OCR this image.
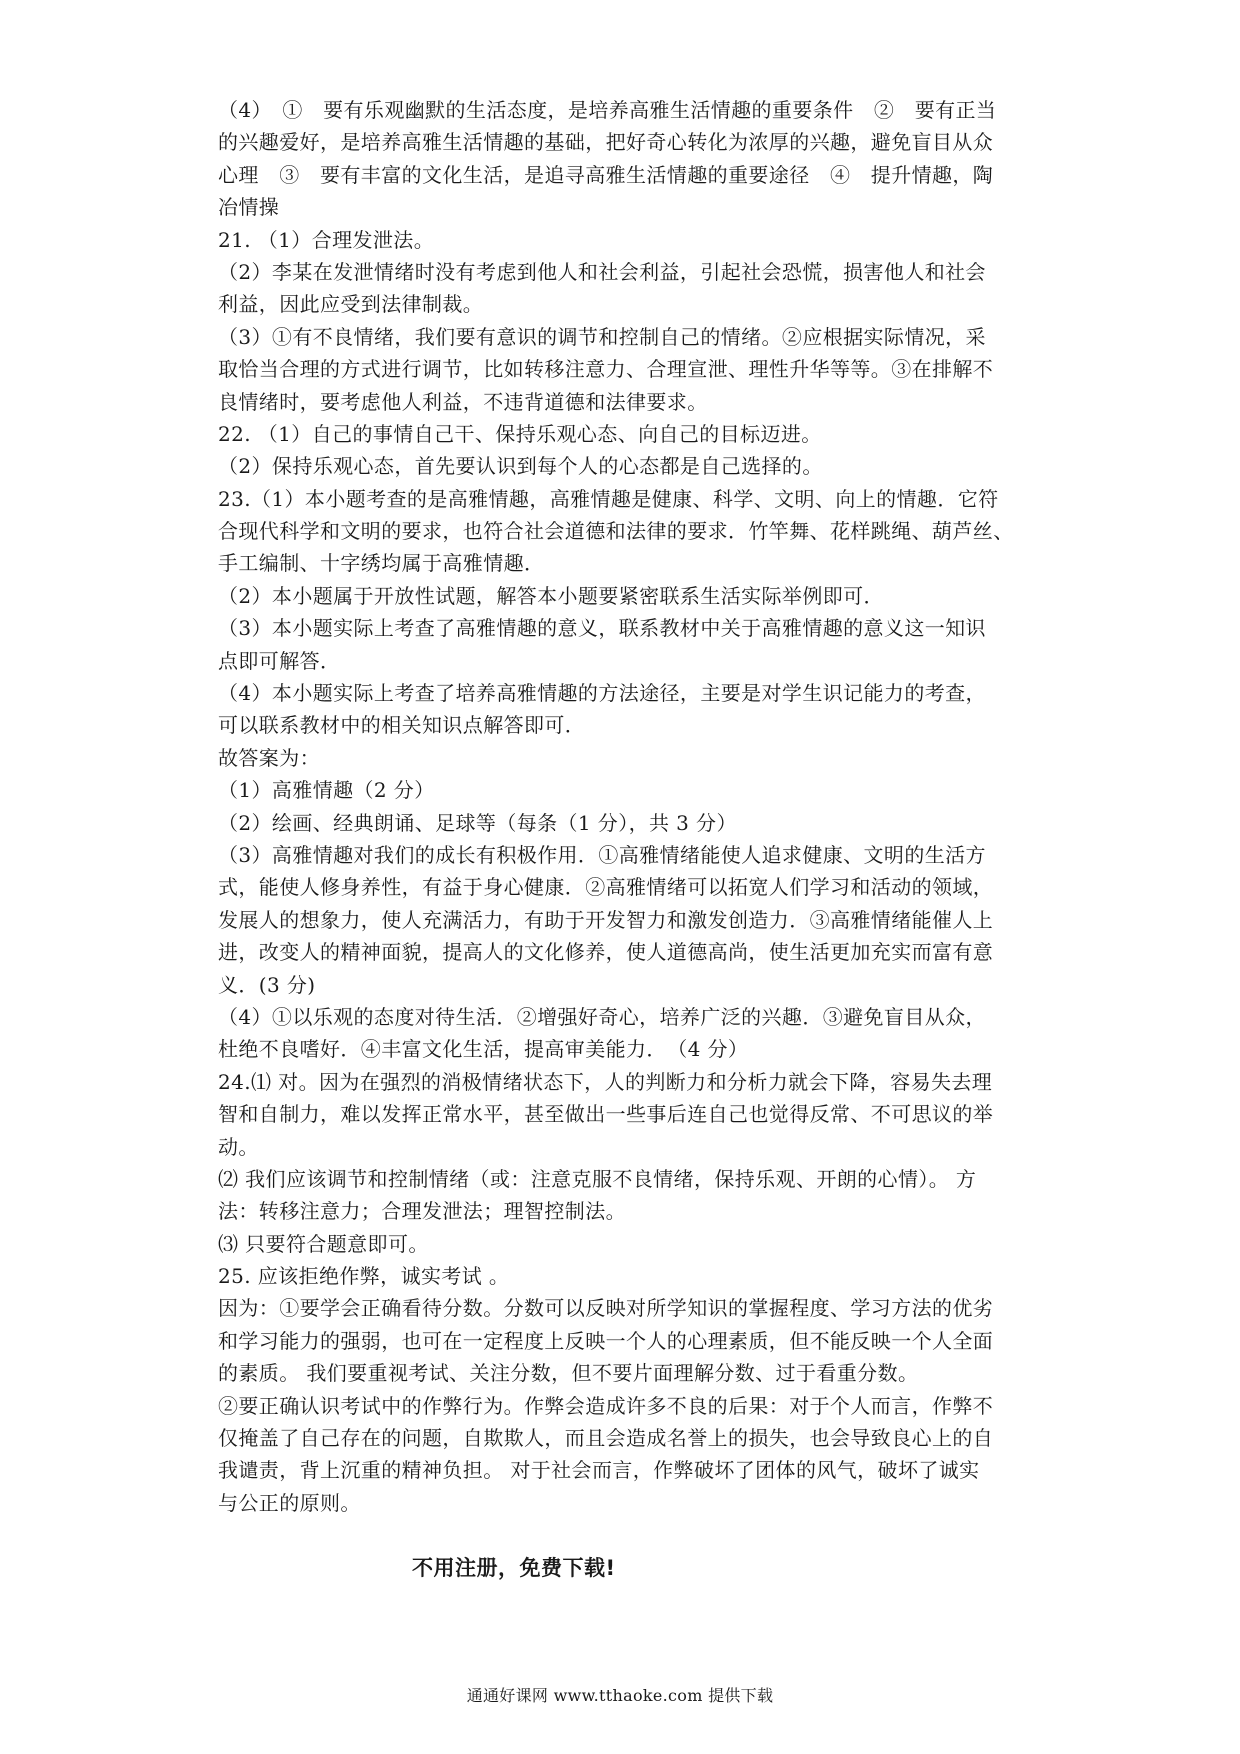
（4）　①　要有乐观幽默的生活态度，是培养高雅生活情趣的重要条件　②　要有正当
的兴趣爱好，是培养高雅生活情趣的基础，把好奇心转化为浓厚的兴趣，避免盲目从众
心理　③　要有丰富的文化生活，是追寻高雅生活情趣的重要途径　④　提升情趣，陶
冶情操
21. （1）合理发泄法。
（2）李某在发泄情绪时没有考虑到他人和社会利益，引起社会恐慌，损害他人和社会
利益，因此应受到法律制裁。
（3）①有不良情绪，我们要有意识的调节和控制自己的情绪。②应根据实际情况，采
取恰当合理的方式进行调节，比如转移注意力、合理宣泄、理性升华等等。③在排解不
良情绪时，要考虑他人利益，不违背道德和法律要求。
22. （1）自己的事情自己干、保持乐观心态、向自己的目标迈进。
（2）保持乐观心态，首先要认识到每个人的心态都是自己选择的。
23.（1）本小题考查的是高雅情趣，高雅情趣是健康、科学、文明、向上的情趣．它符
合现代科学和文明的要求，也符合社会道德和法律的要求．竹竿舞、花样跳绳、葫芦丝、
手工编制、十字绣均属于高雅情趣．
（2）本小题属于开放性试题，解答本小题要紧密联系生活实际举例即可．
（3）本小题实际上考查了高雅情趣的意义，联系教材中关于高雅情趣的意义这一知识
点即可解答．
（4）本小题实际上考查了培养高雅情趣的方法途径，主要是对学生识记能力的考查，
可以联系教材中的相关知识点解答即可．
故答案为：
（1）高雅情趣（2 分）
（2）绘画、经典朗诵、足球等（每条（1 分），共 3 分）
（3）高雅情趣对我们的成长有积极作用．①高雅情绪能使人追求健康、文明的生活方
式，能使人修身养性，有益于身心健康．②高雅情绪可以拓宽人们学习和活动的领域，
发展人的想象力，使人充满活力，有助于开发智力和激发创造力．③高雅情绪能催人上
进，改变人的精神面貌，提高人的文化修养，使人道德高尚，使生活更加充实而富有意
义．(3 分)
（4）①以乐观的态度对待生活．②增强好奇心，培养广泛的兴趣．③避免盲目从众，
杜绝不良嗜好．④丰富文化生活，提高审美能力．　（4 分）
24.⑴ 对。因为在强烈的消极情绪状态下，人的判断力和分析力就会下降，容易失去理
智和自制力，难以发挥正常水平，甚至做出一些事后连自己也觉得反常、不可思议的举
动。
⑵ 我们应该调节和控制情绪（或：注意克服不良情绪，保持乐观、开朗的心情）。 方
法：转移注意力；合理发泄法；理智控制法。
⑶ 只要符合题意即可。
25. 应该拒绝作弊，诚实考试 。
因为：①要学会正确看待分数。分数可以反映对所学知识的掌握程度、学习方法的优劣
和学习能力的强弱，也可在一定程度上反映一个人的心理素质，但不能反映一个人全面
的素质。 我们要重视考试、关注分数，但不要片面理解分数、过于看重分数。
②要正确认识考试中的作弊行为。作弊会造成许多不良的后果：对于个人而言，作弊不
仅掩盖了自己存在的问题，自欺欺人，而且会造成名誉上的损失，也会导致良心上的自
我谴责，背上沉重的精神负担。 对于社会而言，作弊破坏了团体的风气，破坏了诚实
与公正的原则。
不用注册，免费下载!
通通好课网 www.tthaoke.com 提供下载
